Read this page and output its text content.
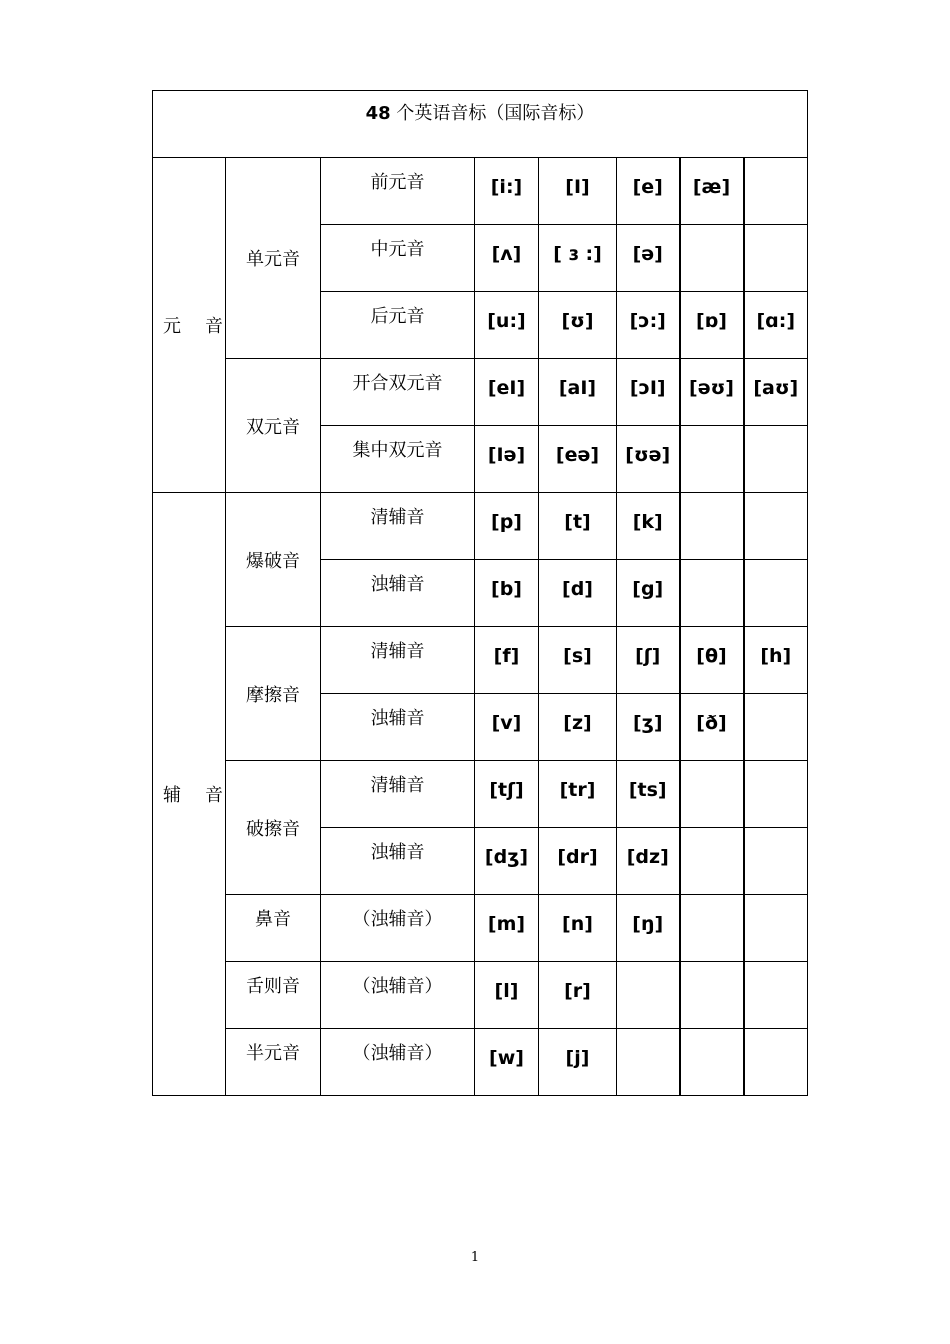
48 个英语音标（国际音标）							

元音	单元音	前元音	[i:]	[I]	[e]	[æ]	

		中元音	[ʌ]	[ ɜ :]	[ə]		

		后元音	[u:]	[ʊ]	[ɔ:]	[ɒ]	[ɑ:]

	双元音	开合双元音	[eI]	[aI]	[ɔI]	[əʊ]	[aʊ]

		集中双元音	[Iə]	[eə]	[ʊə]		

辅音	爆破音	清辅音	[p]	[t]	[k]		

		浊辅音	[b]	[d]	[g]		

	摩擦音	清辅音	[f]	[s]	[ʃ]	[θ]	[h]

		浊辅音	[v]	[z]	[ʒ]	[ð]	

	破擦音	清辅音	[tʃ]	[tr]	[ts]		

		浊辅音	[dʒ]	[dr]	[dz]		

	鼻音	（浊辅音）	[m]	[n]	[ŋ]		

	舌则音	（浊辅音）	[l]	[r]			

	半元音	（浊辅音）	[w]	[j]			

1
